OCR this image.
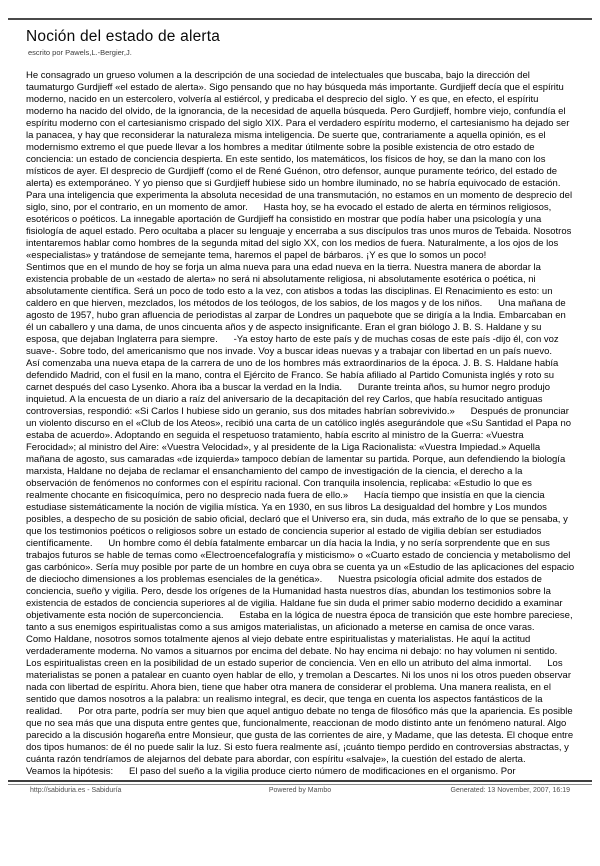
Noción del estado de alerta
escrito por Pawels,L.-Bergier,J.
He consagrado un grueso volumen a la descripción de una sociedad de intelectuales que buscaba, bajo la dirección del taumaturgo Gurdjieff «el estado de alerta». Sigo pensando que no hay búsqueda más importante. Gurdjieff decía que el espíritu moderno, nacido en un estercolero, volvería al estiércol, y predicaba el desprecio del siglo. Y es que, en efecto, el espíritu moderno ha nacido del olvido, de la ignorancia, de la necesidad de aquella búsqueda. Pero Gurdjieff, hombre viejo, confundía el espíritu moderno con el cartesianismo crispado del siglo XIX. Para el verdadero espíritu moderno, el cartesianismo ha dejado ser la panacea, y hay que reconsiderar la naturaleza misma inteligencia. De suerte que, contrariamente a aquella opinión, es el modernismo extremo el que puede llevar a los hombres a meditar útilmente sobre la posible existencia de otro estado de conciencia: un estado de conciencia despierta. En este sentido, los matemáticos, los físicos de hoy, se dan la mano con los místicos de ayer. El desprecio de Gurdjieff (como el de René Guénon, otro defensor, aunque puramente teórico, del estado de alerta) es extemporáneo. Y yo pienso que si Gurdjieff hubiese sido un hombre iluminado, no se habría equivocado de estación. Para una inteligencia que experimenta la absoluta necesidad de una transmutación, no estamos en un momento de desprecio del siglo, sino, por el contrario, en un momento de amor. Hasta hoy, se ha evocado el estado de alerta en términos religiosos, esotéricos o poéticos. La innegable aportación de Gurdjieff ha consistido en mostrar que podía haber una psicología y una fisiología de aquel estado. Pero ocultaba a placer su lenguaje y encerraba a sus discípulos tras unos muros de Tebaida. Nosotros intentaremos hablar como hombres de la segunda mitad del siglo XX, con los medios de fuera. Naturalmente, a los ojos de los «especialistas» y tratándose de semejante tema, haremos el papel de bárbaros. ¡Y es que lo somos un poco!
Sentimos que en el mundo de hoy se forja un alma nueva para una edad nueva en la tierra. Nuestra manera de abordar la existencia probable de un «estado de alerta» no será ni absolutamente religiosa, ni absolutamente esotérica o poética, ni absolutamente científica. Será un poco de todo esto a la vez, con atisbos a todas las disciplinas. El Renacimiento es esto: un caldero en que hierven, mezclados, los métodos de los teólogos, de los sabios, de los magos y de los niños. Una mañana de agosto de 1957, hubo gran afluencia de periodistas al zarpar de Londres un paquebote que se dirigía a la India. Embarcaban en él un caballero y una dama, de unos cincuenta años y de aspecto insignificante. Eran el gran biólogo J. B. S. Haldane y su esposa, que dejaban Inglaterra para siempre. -Ya estoy harto de este país y de muchas cosas de este país -dijo él, con voz suave-. Sobre todo, del americanismo que nos invade. Voy a buscar ideas nuevas y a trabajar con libertad en un país nuevo.      Así comenzaba una nueva etapa de la carrera de uno de los hombres más extraordinarios de la época. J. B. S. Haldane había defendido Madrid, con el fusil en la mano, contra el Ejército de Franco. Se había afiliado al Partido Comunista inglés y roto su carnet después del caso Lysenko. Ahora iba a buscar la verdad en la India. Durante treinta años, su humor negro produjo inquietud. A la encuesta de un diario a raíz del aniversario de la decapitación del rey Carlos, que había resucitado antiguas controversias, respondió: «Si Carlos I hubiese sido un geranio, sus dos mitades habrían sobrevivido.» Después de pronunciar un violento discurso en el «Club de los Ateos», recibió una carta de un católico inglés asegurándole que «Su Santidad el Papa no estaba de acuerdo». Adoptando en seguida el respetuoso tratamiento, había escrito al ministro de la Guerra: «Vuestra Ferocidad»; al ministro del Aire: «Vuestra Velocidad», y al presidente de la Liga Racionalista: «Vuestra Impiedad.» Aquella mañana de agosto, sus camaradas «de izquierda» tampoco debían de lamentar su partida. Porque, aun defendiendo la biología marxista, Haldane no dejaba de reclamar el ensanchamiento del campo de investigación de la ciencia, el derecho a la observación de fenómenos no conformes con el espíritu racional. Con tranquila insolencia, replicaba: «Estudio lo que es realmente chocante en fisicoquímica, pero no desprecio nada fuera de ello.» Hacía tiempo que insistía en que la ciencia estudiase sistemáticamente la noción de vigilia mística. Ya en 1930, en sus libros La desigualdad del hombre y Los mundos posibles, a despecho de su posición de sabio oficial, declaró que el Universo era, sin duda, más extraño de lo que se pensaba, y que los testimonios poéticos o religiosos sobre un estado de conciencia superior al estado de vigilia debían ser estudiados científicamente. Un hombre como él debía fatalmente embarcar un día hacia la India, y no sería sorprendente que en sus trabajos futuros se hable de temas como «Electroencefalografía y misticismo» o «Cuarto estado de conciencia y metabolismo del gas carbónico». Sería muy posible por parte de un hombre en cuya obra se cuenta ya un «Estudio de las aplicaciones del espacio de dieciocho dimensiones a los problemas esenciales de la genética». Nuestra psicología oficial admite dos estados de conciencia, sueño y vigilia. Pero, desde los orígenes de la Humanidad hasta nuestros días, abundan los testimonios sobre la existencia de estados de conciencia superiores al de vigilia. Haldane fue sin duda el primer sabio moderno decidido a examinar objetivamente esta noción de superconciencia. Estaba en la lógica de nuestra época de transición que este hombre pareciese, tanto a sus enemigos espiritualistas como a sus amigos materialistas, un aficionado a meterse en camisa de once varas.      Como Haldane, nosotros somos totalmente ajenos al viejo debate entre espiritualistas y materialistas. He aquí la actitud verdaderamente moderna. No vamos a situarnos por encima del debate. No hay encima ni debajo: no hay volumen ni sentido.      Los espiritualistas creen en la posibilidad de un estado superior de conciencia. Ven en ello un atributo del alma inmortal. Los materialistas se ponen a patalear en cuanto oyen hablar de ello, y tremolan a Descartes. Ni los unos ni los otros pueden observar nada con libertad de espíritu. Ahora bien, tiene que haber otra manera de considerar el problema. Una manera realista, en el sentido que damos nosotros a la palabra: un realismo integral, es decir, que tenga en cuenta los aspectos fantásticos de la realidad. Por otra parte, podría ser muy bien que aquel antiguo debate no tenga de filosófico más que la apariencia. Es posible que no sea más que una disputa entre gentes que, funcionalmente, reaccionan de modo distinto ante un fenómeno natural. Algo parecido a la discusión hogareña entre Monsieur, que gusta de las corrientes de aire, y Madame, que las detesta. El choque entre dos tipos humanos: de él no puede salir la luz. Si esto fuera realmente así, ¡cuánto tiempo perdido en controversias abstractas, y cuánta razón tendríamos de alejarnos del debate para abordar, con espíritu «salvaje», la cuestión del estado de alerta.      Veamos la hipótesis: El paso del sueño a la vigilia produce cierto número de modificaciones en el organismo. Por
http://sabiduria.es - Sabiduría	Powered by Mambo	Generated: 13 November, 2007, 16:19
